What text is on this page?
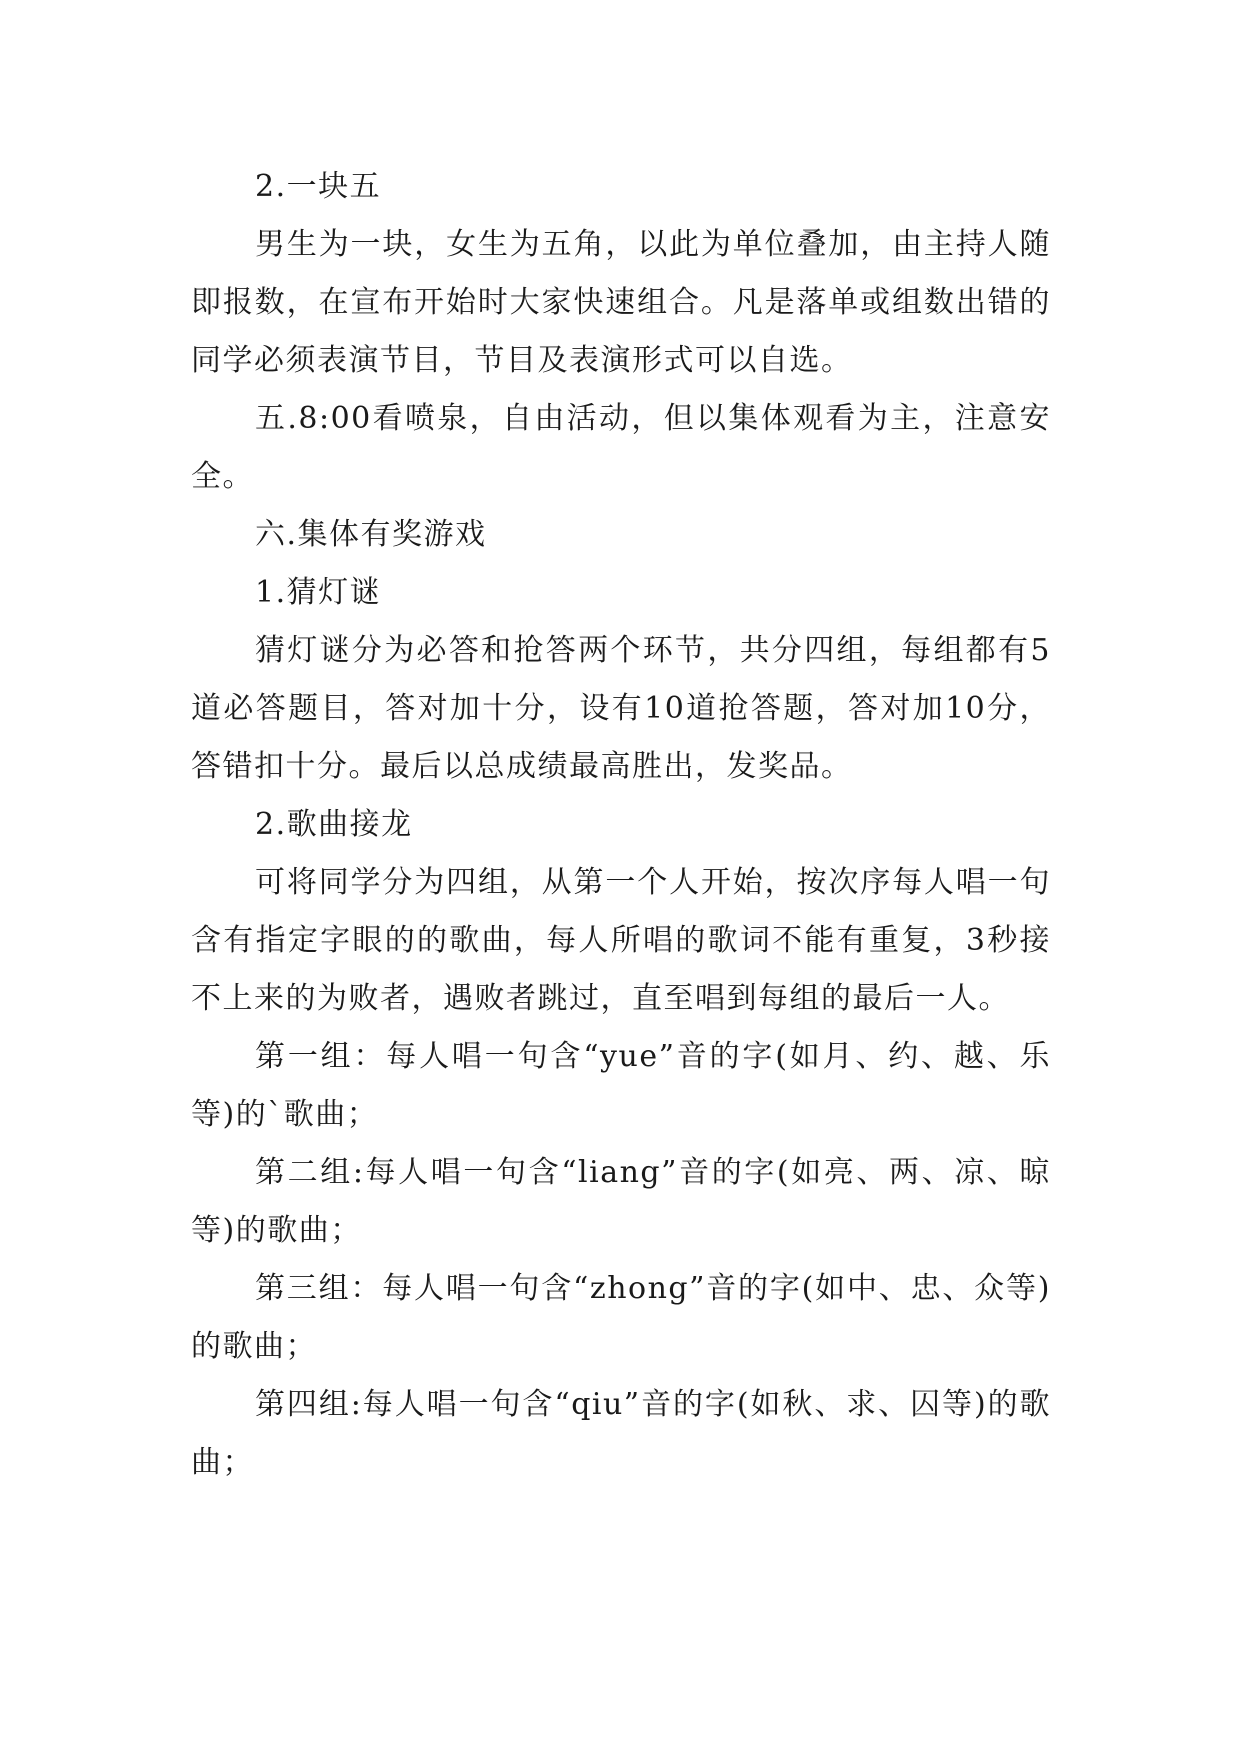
2.一块五

男生为一块，女生为五角，以此为单位叠加，由主持人随即报数，在宣布开始时大家快速组合。凡是落单或组数出错的同学必须表演节目，节目及表演形式可以自选。

五.8:00看喷泉，自由活动，但以集体观看为主，注意安全。

六.集体有奖游戏

1.猜灯谜

猜灯谜分为必答和抢答两个环节，共分四组，每组都有5道必答题目，答对加十分，设有10道抢答题，答对加10分，答错扣十分。最后以总成绩最高胜出，发奖品。

2.歌曲接龙

可将同学分为四组，从第一个人开始，按次序每人唱一句含有指定字眼的的歌曲，每人所唱的歌词不能有重复，3秒接不上来的为败者，遇败者跳过，直至唱到每组的最后一人。

第一组：每人唱一句含“yue”音的字(如月、约、越、乐等)的`歌曲；

第二组:每人唱一句含“liang”音的字(如亮、两、凉、晾等)的歌曲；

第三组：每人唱一句含“zhong”音的字(如中、忠、众等)的歌曲；

第四组:每人唱一句含“qiu”音的字(如秋、求、囚等)的歌曲；
